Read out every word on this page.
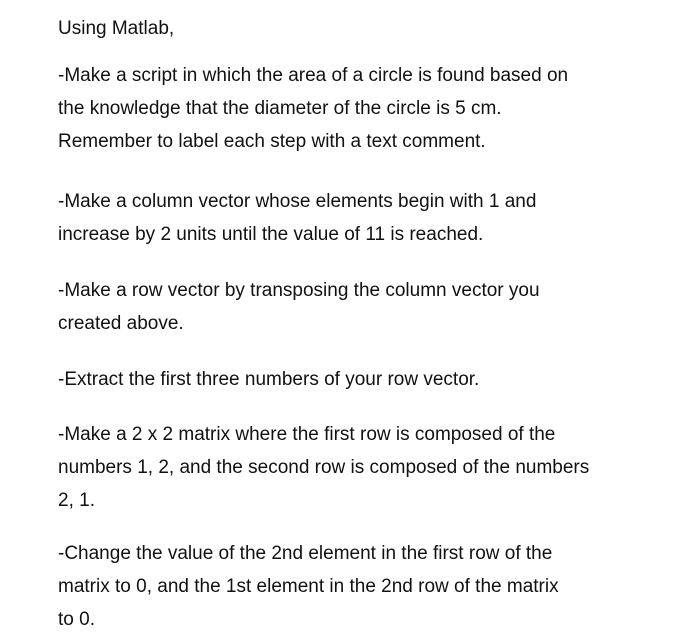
Using Matlab,

-Make a script in which the area of a circle is found based on
the knowledge that the diameter of the circle is 5 cm.
Remember to label each step with a text comment.

-Make a column vector whose elements begin with 1 and
increase by 2 units until the value of 11 is reached.

-Make a row vector by transposing the column vector you
created above.

-Extract the first three numbers of your row vector.

-Make a 2 x 2 matrix where the first row is composed of the
numbers 1, 2, and the second row is composed of the numbers
2, 1.

-Change the value of the 2nd element in the first row of the
matrix to 0, and the 1st element in the 2nd row of the matrix
to 0.
